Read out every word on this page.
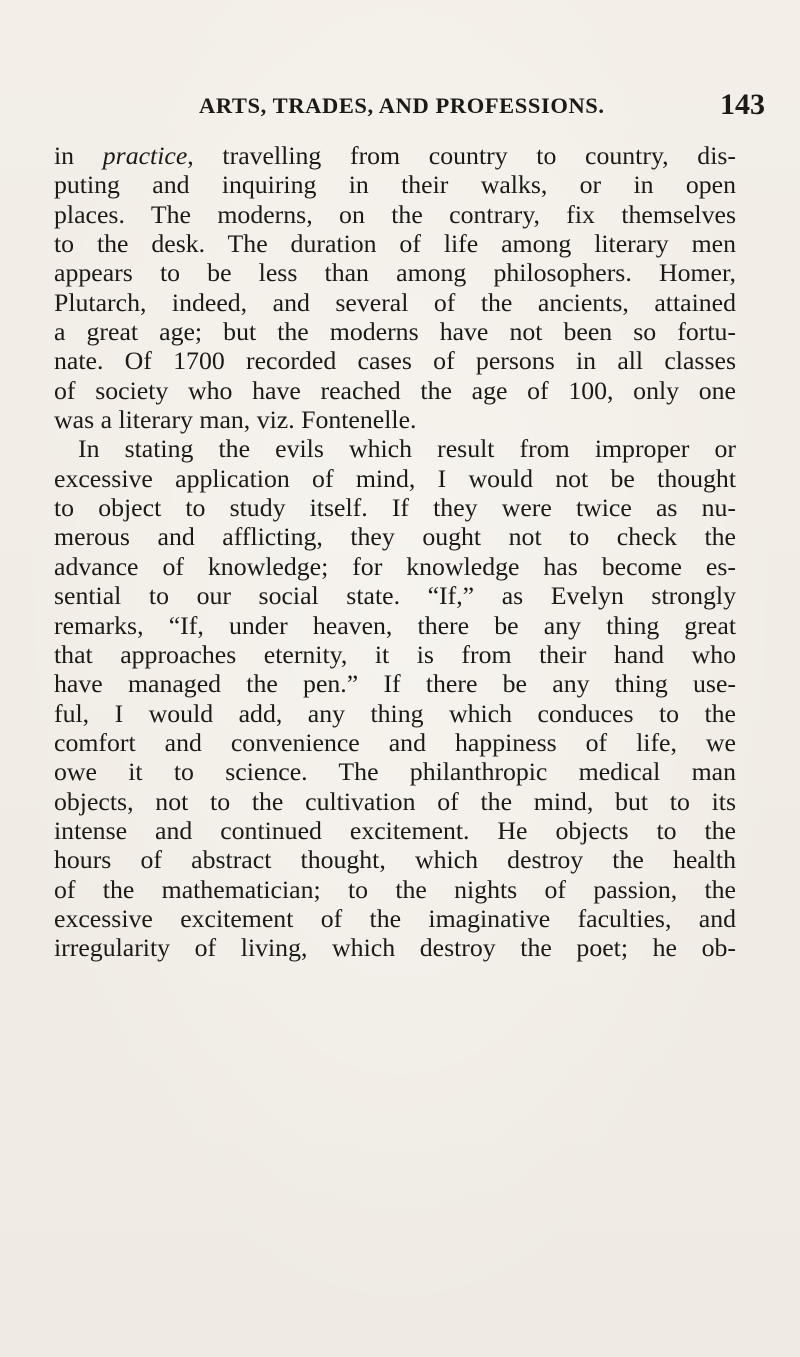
ARTS, TRADES, AND PROFESSIONS.	143
in practice, travelling from country to country, dis-
puting and inquiring in their walks, or in open
places. The moderns, on the contrary, fix themselves
to the desk. The duration of life among literary men
appears to be less than among philosophers. Homer,
Plutarch, indeed, and several of the ancients, attained
a great age; but the moderns have not been so fortu-
nate. Of 1700 recorded cases of persons in all classes
of society who have reached the age of 100, only one
was a literary man, viz. Fontenelle.
In stating the evils which result from improper or
excessive application of mind, I would not be thought
to object to study itself. If they were twice as nu-
merous and afflicting, they ought not to check the
advance of knowledge; for knowledge has become es-
sential to our social state. “If,” as Evelyn strongly
remarks, “If, under heaven, there be any thing great
that approaches eternity, it is from their hand who
have managed the pen.” If there be any thing use-
ful, I would add, any thing which conduces to the
comfort and convenience and happiness of life, we
owe it to science. The philanthropic medical man
objects, not to the cultivation of the mind, but to its
intense and continued excitement. He objects to the
hours of abstract thought, which destroy the health
of the mathematician; to the nights of passion, the
excessive excitement of the imaginative faculties, and
irregularity of living, which destroy the poet; he ob-
